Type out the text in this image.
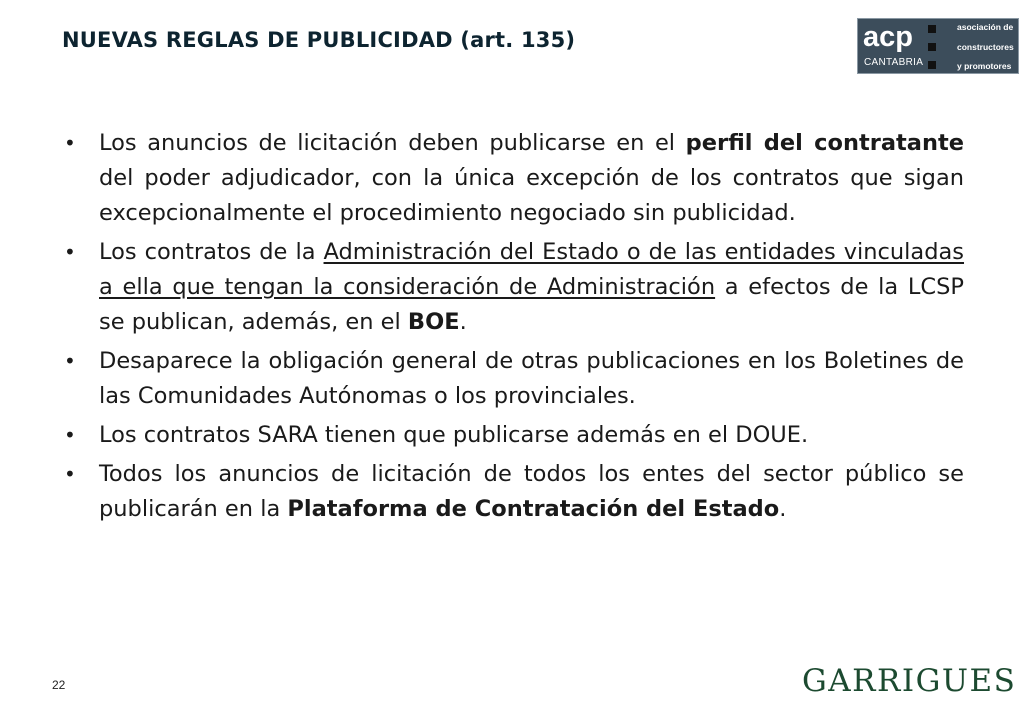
NUEVAS REGLAS DE PUBLICIDAD (art. 135)	acp
CANTABRIA
asociación de
constructores
y promotores
• Los anuncios de licitación deben publicarse en el perfil del contratante del poder adjudicador, con la única excepción de los contratos que sigan excepcionalmente el procedimiento negociado sin publicidad.
• Los contratos de la Administración del Estado o de las entidades vinculadas a ella que tengan la consideración de Administración a efectos de la LCSP se publican, además, en el BOE.
• Desaparece la obligación general de otras publicaciones en los Boletines de las Comunidades Autónomas o los provinciales.
• Los contratos SARA tienen que publicarse además en el DOUE.
• Todos los anuncios de licitación de todos los entes del sector público se publicarán en la Plataforma de Contratación del Estado.
22	GARRIGUES
